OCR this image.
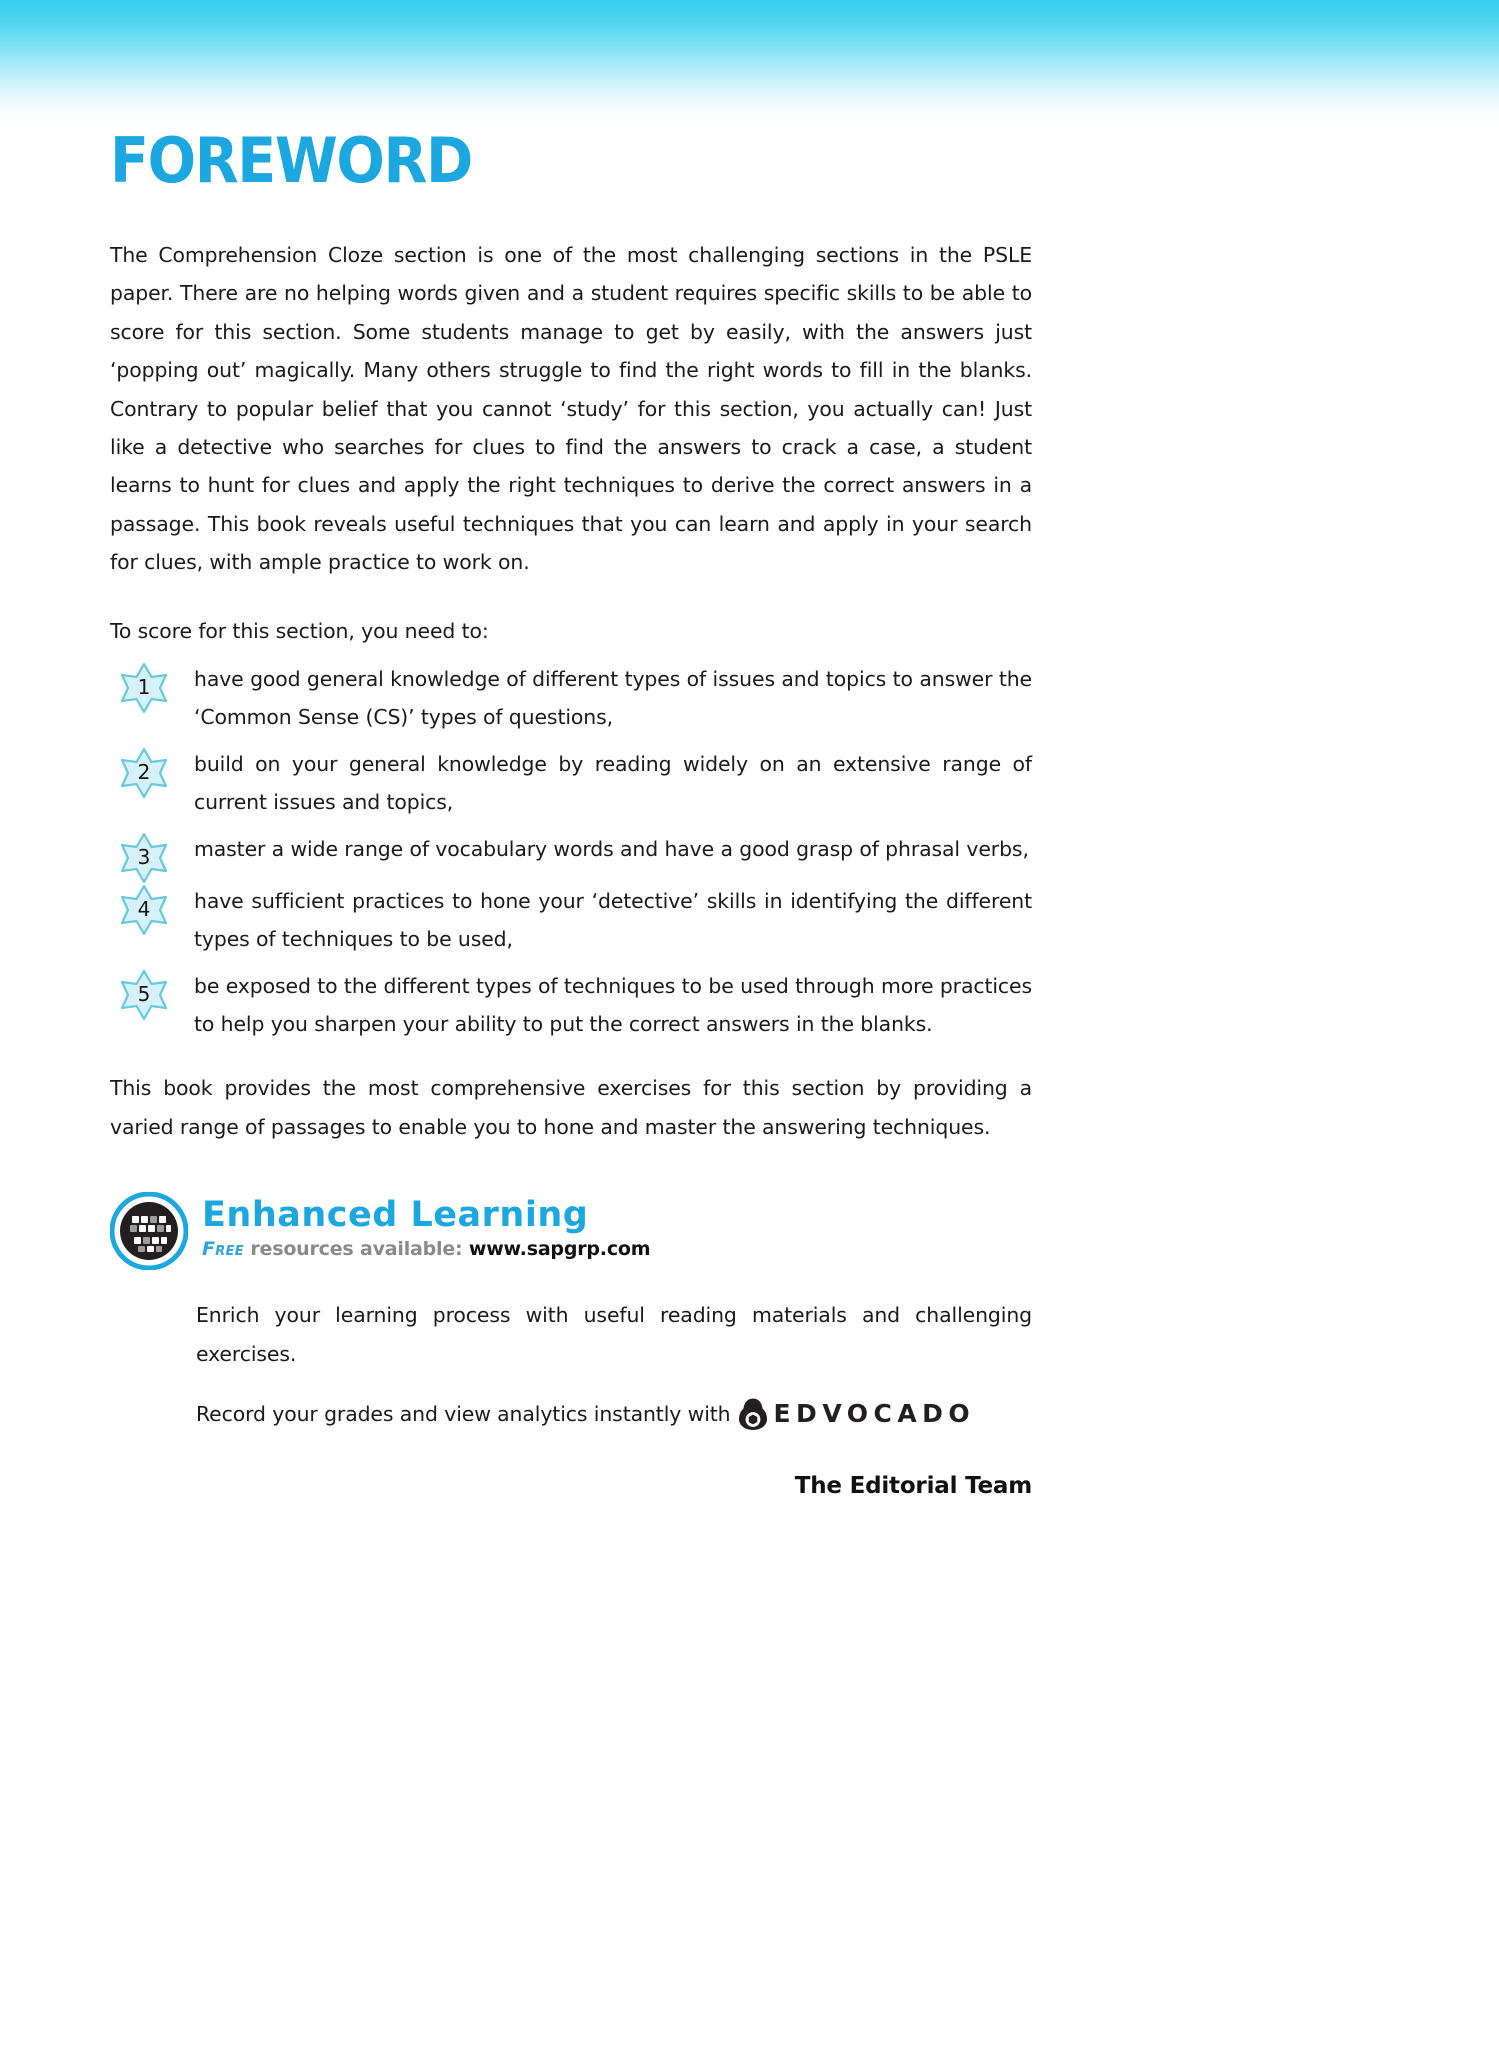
FOREWORD

The Comprehension Cloze section is one of the most challenging sections in the PSLE paper. There are no helping words given and a student requires specific skills to be able to score for this section. Some students manage to get by easily, with the answers just ‘popping out’ magically. Many others struggle to find the right words to fill in the blanks. Contrary to popular belief that you cannot ‘study’ for this section, you actually can! Just like a detective who searches for clues to find the answers to crack a case, a student learns to hunt for clues and apply the right techniques to derive the correct answers in a passage. This book reveals useful techniques that you can learn and apply in your search for clues, with ample practice to work on.

To score for this section, you need to:

1	have good general knowledge of different types of issues and topics to answer the ‘Common Sense (CS)’ types of questions,
2	build on your general knowledge by reading widely on an extensive range of current issues and topics,
3	master a wide range of vocabulary words and have a good grasp of phrasal verbs,
4	have sufficient practices to hone your ‘detective’ skills in identifying the different types of techniques to be used,
5	be exposed to the different types of techniques to be used through more practices to help you sharpen your ability to put the correct answers in the blanks.

This book provides the most comprehensive exercises for this section by providing a varied range of passages to enable you to hone and master the answering techniques.

Enhanced Learning
Free resources available: www.sapgrp.com

Enrich your learning process with useful reading materials and challenging exercises.

Record your grades and view analytics instantly with EDVOCADO
The Editorial Team
